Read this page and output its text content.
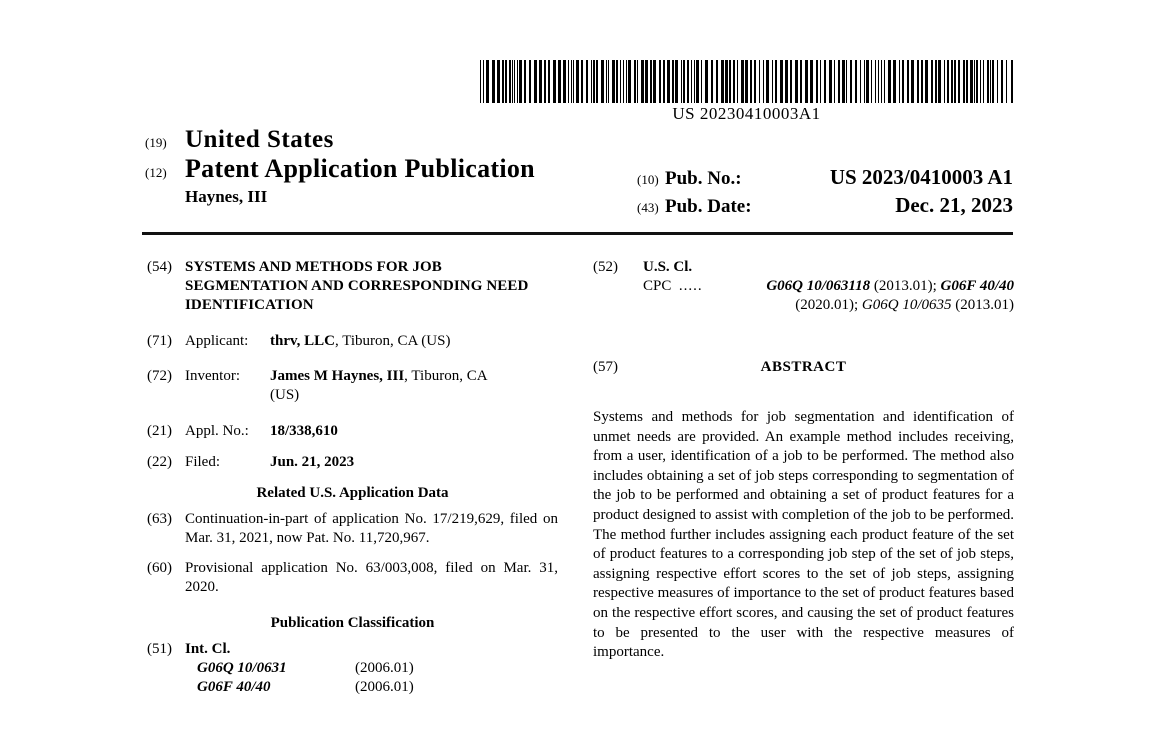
US 20230410003A1
(19) United States
(12) Patent Application Publication
Haynes, III
(10) Pub. No.:	US 2023/0410003 A1
(43) Pub. Date:	Dec. 21, 2023
(54) SYSTEMS AND METHODS FOR JOB SEGMENTATION AND CORRESPONDING NEED IDENTIFICATION
(71) Applicant: thrv, LLC, Tiburon, CA (US)
(72) Inventor:	James M Haynes, III, Tiburon, CA
(US)
(21) Appl. No.: 18/338,610
(22) Filed:	Jun. 21, 2023
Related U.S. Application Data
(63) Continuation-in-part of application No. 17/219,629, filed on Mar. 31, 2021, now Pat. No. 11,720,967.
(60) Provisional application No. 63/003,008, filed on Mar. 31, 2020.
Publication Classification
(51) Int. Cl.
G06Q 10/0631	(2006.01)
G06F 40/40	(2006.01)
(52)	U.S. Cl.
CPC .....	G06Q 10/063118 (2013.01); G06F 40/40
(2020.01); G06Q 10/0635 (2013.01)
(57)	ABSTRACT
Systems and methods for job segmentation and identification of unmet needs are provided. An example method includes receiving, from a user, identification of a job to be performed. The method also includes obtaining a set of job steps corresponding to segmentation of the job to be performed and obtaining a set of product features for a product designed to assist with completion of the job to be performed. The method further includes assigning each product feature of the set of product features to a corresponding job step of the set of job steps, assigning respective effort scores to the set of job steps, assigning respective measures of importance to the set of product features based on the respective effort scores, and causing the set of product features to be presented to the user with the respective measures of importance.
